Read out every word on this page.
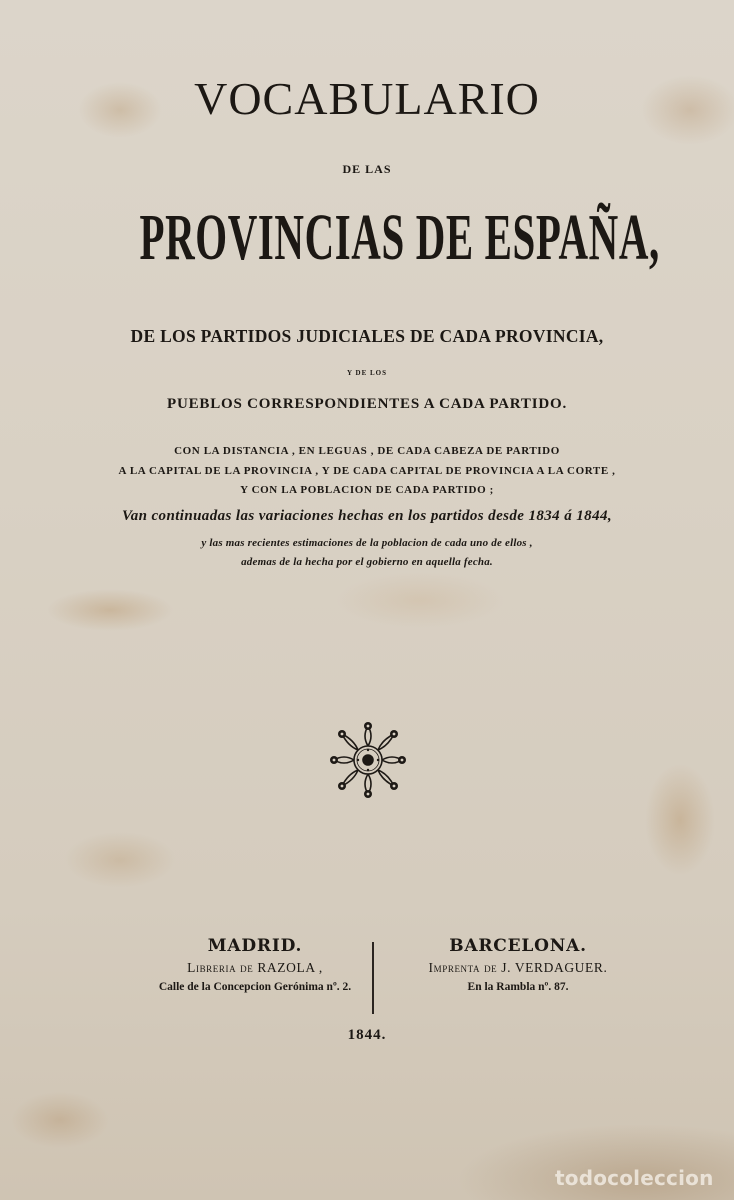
VOCABULARIO
DE LAS
PROVINCIAS DE ESPAÑA,
DE LOS PARTIDOS JUDICIALES DE CADA PROVINCIA,
Y DE LOS
PUEBLOS CORRESPONDIENTES A CADA PARTIDO.
CON LA DISTANCIA , EN LEGUAS , DE CADA CABEZA DE PARTIDO
A LA CAPITAL DE LA PROVINCIA , Y DE CADA CAPITAL DE PROVINCIA A LA CORTE ,
Y CON LA POBLACION DE CADA PARTIDO ;
Van continuadas las variaciones hechas en los partidos desde 1834 á 1844,
y las mas recientes estimaciones de la poblacion de cada uno de ellos ,
ademas de la hecha por el gobierno en aquella fecha.
MADRID.
Libreria de RAZOLA ,
Calle de la Concepcion Gerónima nº. 2.
BARCELONA.
Imprenta de J. VERDAGUER.
En la Rambla nº. 87.
1844.
todocoleccion
